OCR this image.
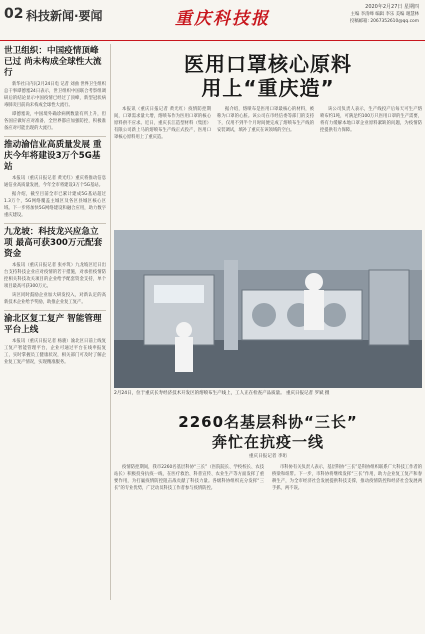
02 科技新闻·要闻	重庆科技报
2020年2月27日 星期四
主编 李清峰 编辑 李乐 美编 谢慧林
投稿邮箱: 2067352610@qq.com
世卫组织：中国疫情顶峰已过 尚未构成全球性大流行
新华社日内瓦2月24日电 记者 刘曲 世界卫生组织总干事谭德塞24日表示，世卫组织中国联合考察组调研后的结论显示中国疫情已经过了顶峰，新型冠状病毒肺炎目前尚未构成全球性大流行。
谭德塞说，中国境外确诊病例数量有所上升，但各国应做好应对准备，全世界都应加强防控，积极准备应对可能出现的大流行。
推动渝信业高质量发展 重庆今年将建设3万个5G基站
本报讯（重庆日报记者 黄光红）重庆将推动信息通信业高质量发展，今年全市将建设3万个5G基站。
据介绍，截至目前全市已累计建成5G基站超过1.3万个，5G网络覆盖主城区及各区县城区核心区域。下一步将加快5G网络建设和融合应用，助力数字重庆建设。
九龙坡：科技龙兴应急立项 最高可获300万元配套资金
本报讯（重庆日报记者 张亦筑）九龙坡区近日出台支持科技企业应对疫情的若干措施，对承担疫情防控相关科技攻关项目的企业给予配套资金支持，单个项目最高可获300万元。
该区同时鼓励企业加大研发投入，对新认定的高新技术企业给予奖励，助推企业复工复产。
渝北区复工复产 智能管理平台上线
本报讯（重庆日报记者 杨骏）渝北区日前上线复工复产智能管理平台，企业可通过平台在线申报复工，实时掌握员工健康状况，相关部门可及时了解企业复工复产情况，实现精准服务。
医用口罩核心原料
用上“重庆造”
本报讯（重庆日报记者 黄光红）疫情防控期间，口罩需求量大增，熔喷布作为医用口罩的核心原料供不应求。近日，重庆长江造型材料（集团）有限公司新上马的熔喷布生产线正式投产，医用口罩核心原料用上了重庆造。
据介绍，熔喷布是医用口罩最核心的材料，被称为口罩的心脏。该公司在市经信委等部门的支持下，仅用不到半个月时间便完成了熔喷布生产线的安装调试，填补了重庆在该领域的空白。
该公司负责人表示，生产线投产后每天可生产熔喷布约1吨，可满足约100万只医用口罩的生产需要，将有力缓解本地口罩企业原料紧缺的问题，为疫情防控提供有力保障。
2月24日，位于重庆长寿经济技术开发区的熔喷布生产线上，工人正在检查产品质量。 重庆日报记者 罗斌 摄
2260名基层科协“三长”
奔忙在抗疫一线
重庆日报记者 李珩
疫情防控期间，我市2260名基层科协“三长”（医院院长、学校校长、农技站长）积极投身抗疫一线，在医疗救治、科普宣传、农业生产等方面发挥了重要作用，为打赢疫情防控阻击战贡献了科技力量。各级科协组织充分发挥“三长”的专业优势，广泛动员科技工作者参与疫情防控。
市科协有关负责人表示，基层科协“三长”是科协组织联系广大科技工作者的桥梁和纽带。下一步，市科协将继续发挥“三长”作用，助力企业复工复产和春耕生产，为全市经济社会发展提供科技支撑，推动疫情防控和经济社会发展两手抓、两不误。
